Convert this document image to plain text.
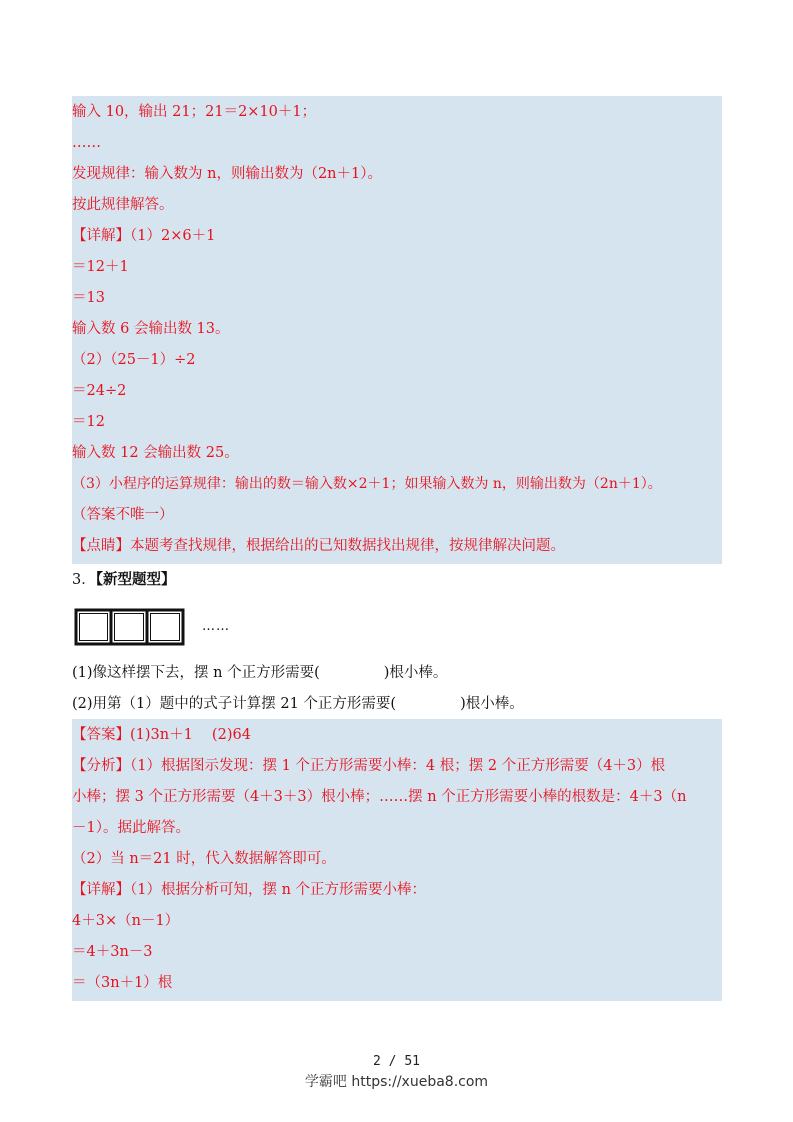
输入 10，输出 21；21＝2×10＋1；
……
发现规律：输入数为 n，则输出数为（2n＋1）。
按此规律解答。
【详解】（1）2×6＋1
＝12＋1
＝13
输入数 6 会输出数 13。
（2）（25－1）÷2
＝24÷2
＝12
输入数 12 会输出数 25。
（3）小程序的运算规律：输出的数＝输入数×2＋1；如果输入数为 n，则输出数为（2n＋1）。
（答案不唯一）
【点睛】本题考查找规律，根据给出的已知数据找出规律，按规律解决问题。
3．【新型题型】
……
(1)像这样摆下去，摆 n 个正方形需要(	)根小棒。
(2)用第（1）题中的式子计算摆 21 个正方形需要(	)根小棒。
【答案】(1)3n＋1　 (2)64
【分析】（1）根据图示发现：摆 1 个正方形需要小棒：4 根；摆 2 个正方形需要（4＋3）根
小棒；摆 3 个正方形需要（4＋3＋3）根小棒；……摆 n 个正方形需要小棒的根数是：4＋3（n
－1）。据此解答。
（2）当 n＝21 时，代入数据解答即可。
【详解】（1）根据分析可知，摆 n 个正方形需要小棒：
4＋3×（n－1）
＝4＋3n－3
＝（3n＋1）根
2 / 51
学霸吧 https://xueba8.com
